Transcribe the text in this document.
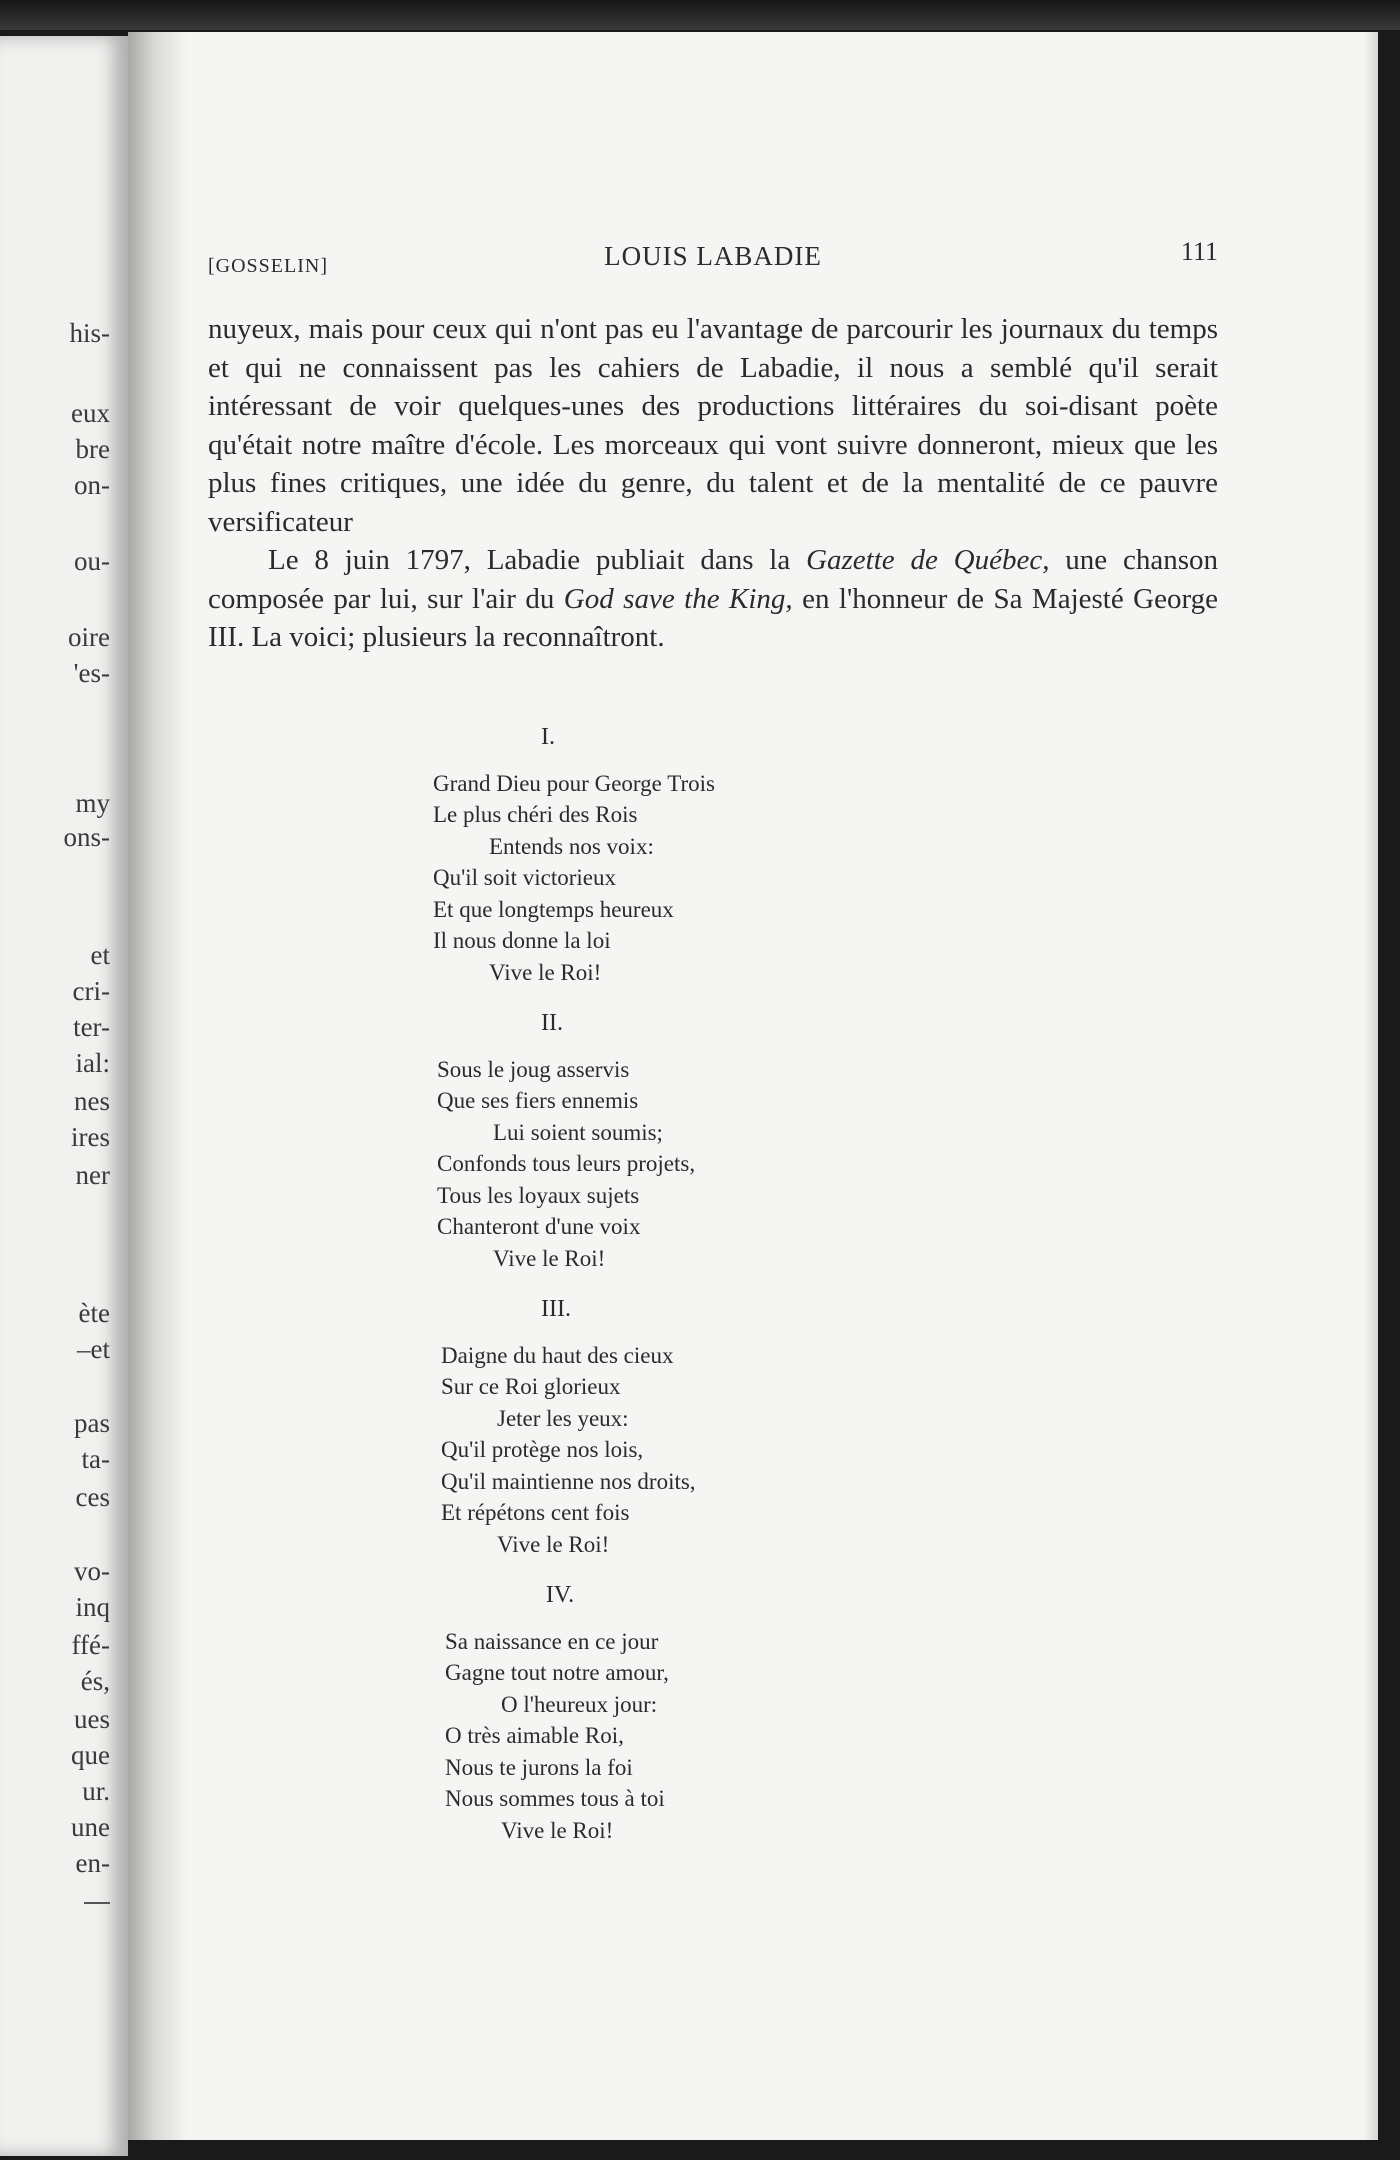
his-
eux
bre
on-
ou-
oire
'es-
my
ons-
et
cri-
ter-
ial:
nes
ires
ner
ète
–et
pas
ta-
ces
vo-
inq
ffé-
és,
ues
que
ur.
une
en-
[GOSSELIN]	LOUIS LABADIE	111

nuyeux, mais pour ceux qui n'ont pas eu l'avantage de parcourir les journaux du temps et qui ne connaissent pas les cahiers de Labadie, il nous a semblé qu'il serait intéressant de voir quelques-unes des productions littéraires du soi-disant poète qu'était notre maître d'école. Les morceaux qui vont suivre donneront, mieux que les plus fines critiques, une idée du genre, du talent et de la mentalité de ce pauvre versificateur

Le 8 juin 1797, Labadie publiait dans la Gazette de Québec, une chanson composée par lui, sur l'air du God save the King, en l'honneur de Sa Majesté George III. La voici; plusieurs la reconnaîtront.

I.
Grand Dieu pour George Trois
Le plus chéri des Rois
Entends nos voix:
Qu'il soit victorieux
Et que longtemps heureux
Il nous donne la loi
Vive le Roi!
II.
Sous le joug asservis
Que ses fiers ennemis
Lui soient soumis;
Confonds tous leurs projets,
Tous les loyaux sujets
Chanteront d'une voix
Vive le Roi!
III.
Daigne du haut des cieux
Sur ce Roi glorieux
Jeter les yeux:
Qu'il protège nos lois,
Qu'il maintienne nos droits,
Et répétons cent fois
Vive le Roi!
IV.
Sa naissance en ce jour
Gagne tout notre amour,
O l'heureux jour:
O très aimable Roi,
Nous te jurons la foi
Nous sommes tous à toi
Vive le Roi!
